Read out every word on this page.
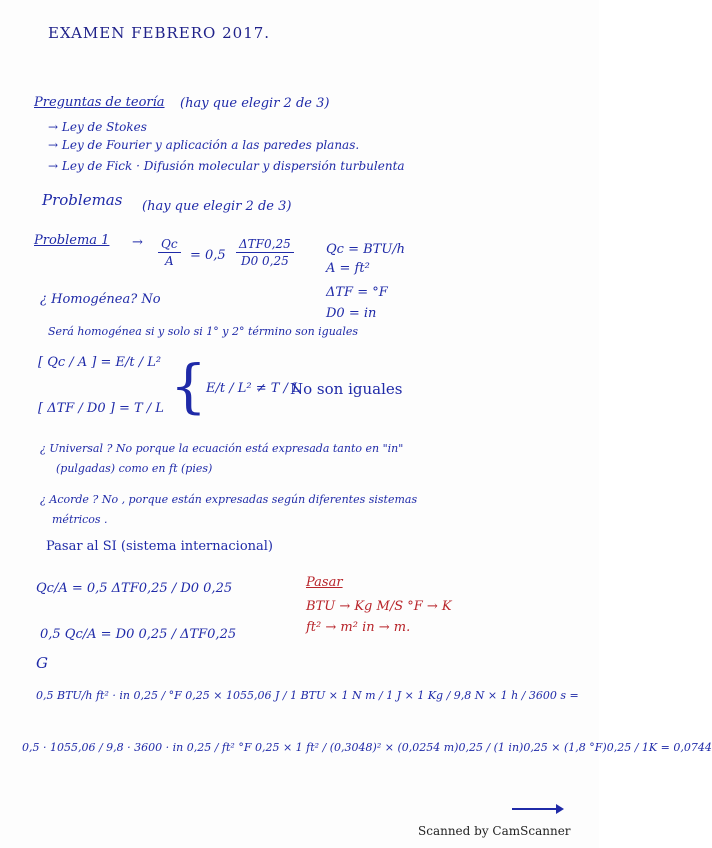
EXAMEN FEBRERO 2017.
Preguntas de teoría (hay que elegir 2 de 3)
→ Ley de Stokes
→ Ley de Fourier y aplicación a las paredes planas.
→ Ley de Fick · Difusión molecular y dispersión turbulenta
Problemas (hay que elegir 2 de 3)
Problema $1 \to \frac{Qc}{A} = 0,5$
ΔTF0,25
D0 0,25
Qc = BTU/h
A = ft²
ΔTF = °F
D0 = in
¿ Homogénea? No
Será homogénea si y solo si 1° y 2° término son iguales
[ Qc / A ] = E/t / L²
[ ΔTF / D0 ] = T / L { E/t / L² ≠ T / L
No son iguales
¿ Universal ? No porque la ecuación está expresada tanto en "in"
(pulgadas) como en ft (pies)
¿ Acorde ? No , porque están expresadas según diferentes sistemas
métricos .
Pasar al SI (sistema internacional)
Qc/A = 0,5 ΔTF0,25 / D0 0,25
0,5 Qc/A = D0 0,25 / ΔTF0,25
Pasar
BTU → Kg M/S °F → K
ft² → m² in → m.
G
0,5 BTU/h ft² · in 0,25 / °F 0,25 × 1055,06 J / 1 BTU × 1 N m / 1 J × 1 Kg / 9,8 N × 1 h / 3600 s =
0,5 · 1055,06 / 9,8 · 3600 · in 0,25 / ft² °F 0,25 × 1 ft² / (0,3048)² × (0,0254 m)0,25 / (1 in)0,25 × (1,8 °F)0,25 / 1K = 0,0744
Scanned by CamScanner
